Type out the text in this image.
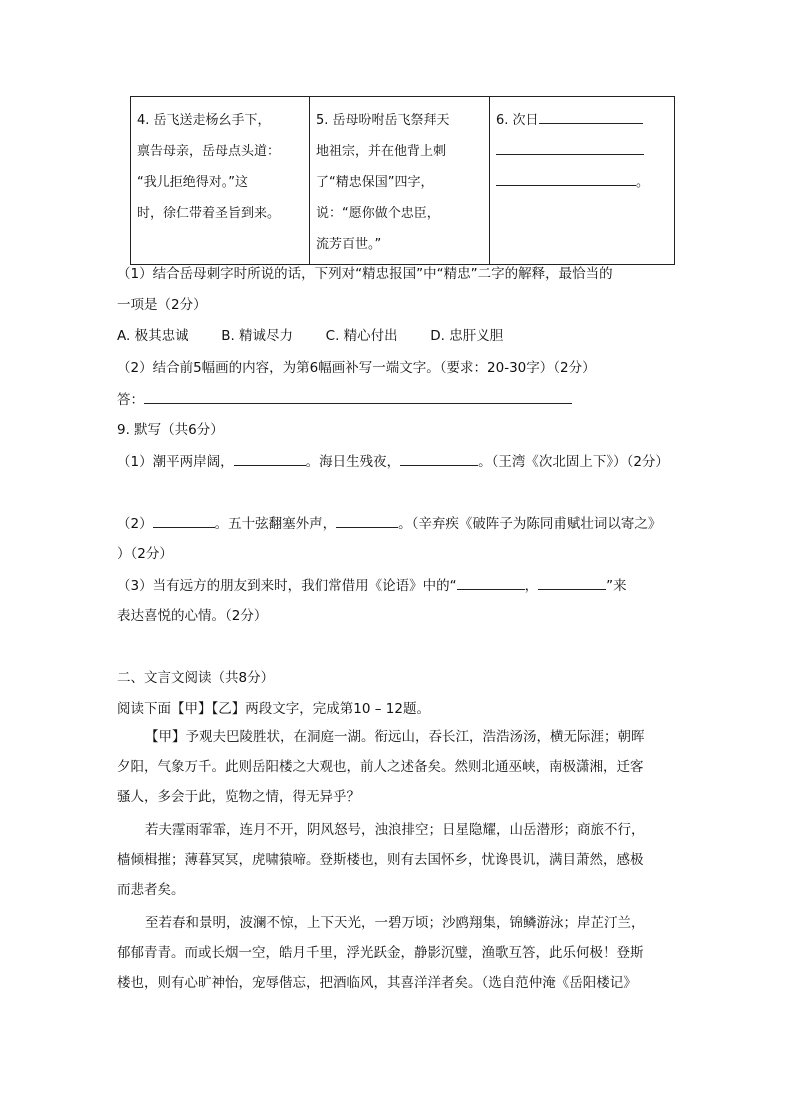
4. 岳飞送走杨幺手下，
禀告母亲，岳母点头道：
“我儿拒绝得对。”这
时，徐仁带着圣旨到来。

5. 岳母吩咐岳飞祭拜天
地祖宗，并在他背上刺
了“精忠保国”四字，
说：“愿你做个忠臣，
流芳百世。”

6. 次日
。
（1）结合岳母刺字时所说的话，下列对“精忠报国”中“精忠”二字的解释，最恰当的
一项是（2分）
A. 极其忠诚 B. 精诚尽力 C. 精心付出 D. 忠肝义胆
（2）结合前5幅画的内容，为第6幅画补写一端文字。（要求：20-30字）（2分）
答：
9. 默写（共6分）
（1）潮平两岸阔，	。海日生残夜，	。（王湾《次北固上下》）（2分）
（2）	。五十弦翻塞外声，	。（辛弃疾《破阵子为陈同甫赋壮词以寄之》
）（2分）
（3）当有远方的朋友到来时，我们常借用《论语》中的“	，	”来
表达喜悦的心情。（2分）
二、文言文阅读（共8分）
阅读下面【甲】【乙】两段文字，完成第10 – 12题。
【甲】予观夫巴陵胜状，在洞庭一湖。衔远山，吞长江，浩浩汤汤，横无际涯；朝晖
夕阳，气象万千。此则岳阳楼之大观也，前人之述备矣。然则北通巫峡，南极潇湘，迁客
骚人，多会于此，览物之情，得无异乎？
若夫霪雨霏霏，连月不开，阴风怒号，浊浪排空；日星隐耀，山岳潜形；商旅不行，
樯倾楫摧；薄暮冥冥，虎啸猿啼。登斯楼也，则有去国怀乡，忧谗畏讥，满目萧然，感极
而悲者矣。
至若春和景明，波澜不惊，上下天光，一碧万顷；沙鸥翔集，锦鳞游泳；岸芷汀兰，
郁郁青青。而或长烟一空，皓月千里，浮光跃金，静影沉璧，渔歌互答，此乐何极！登斯
楼也，则有心旷神怡，宠辱偕忘，把酒临风，其喜洋洋者矣。（选自范仲淹《岳阳楼记》
